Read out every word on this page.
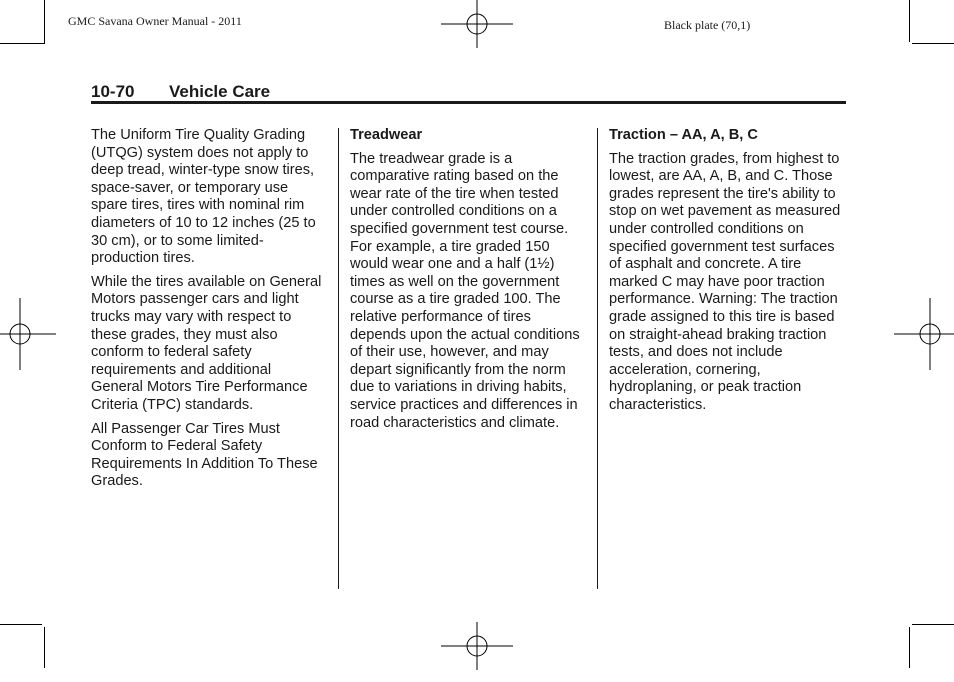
GMC Savana Owner Manual - 2011	Black plate (70,1)
10-70 Vehicle Care

The Uniform Tire Quality Grading (UTQG) system does not apply to deep tread, winter-type snow tires, space-saver, or temporary use spare tires, tires with nominal rim diameters of 10 to 12 inches (25 to 30 cm), or to some limited-production tires.

While the tires available on General Motors passenger cars and light trucks may vary with respect to these grades, they must also conform to federal safety requirements and additional General Motors Tire Performance Criteria (TPC) standards.

All Passenger Car Tires Must Conform to Federal Safety Requirements In Addition To These Grades.

Treadwear

The treadwear grade is a comparative rating based on the wear rate of the tire when tested under controlled conditions on a specified government test course. For example, a tire graded 150 would wear one and a half (1½) times as well on the government course as a tire graded 100. The relative performance of tires depends upon the actual conditions of their use, however, and may depart significantly from the norm due to variations in driving habits, service practices and differences in road characteristics and climate.

Traction – AA, A, B, C

The traction grades, from highest to lowest, are AA, A, B, and C. Those grades represent the tire's ability to stop on wet pavement as measured under controlled conditions on specified government test surfaces of asphalt and concrete. A tire marked C may have poor traction performance. Warning: The traction grade assigned to this tire is based on straight-ahead braking traction tests, and does not include acceleration, cornering, hydroplaning, or peak traction characteristics.
